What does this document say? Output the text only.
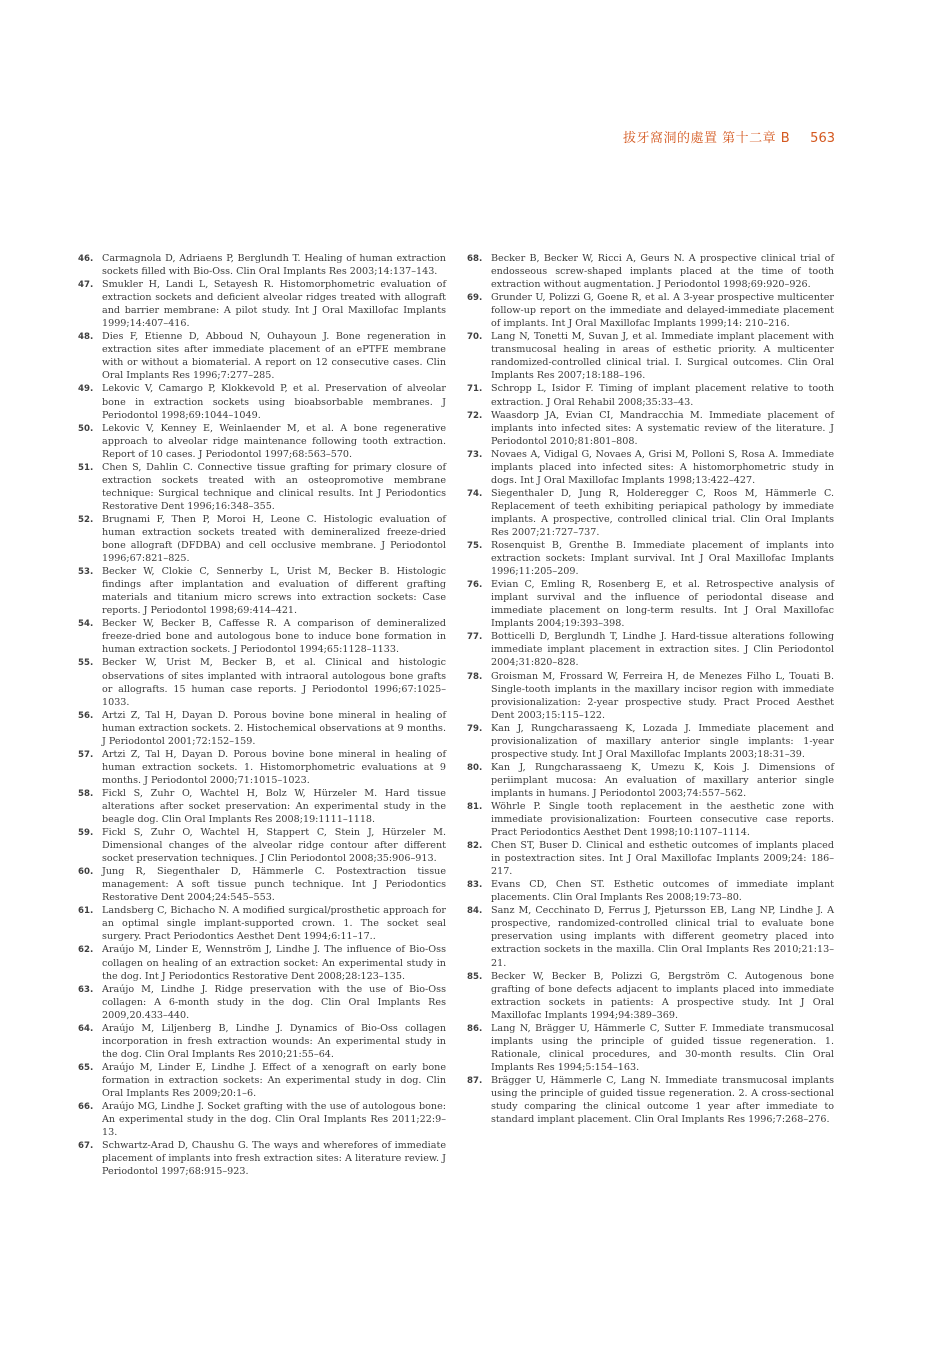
拔牙窩洞的處置 第十二章 B 563
46. Carmagnola D, Adriaens P, Berglundh T. Healing of human extraction sockets filled with Bio-Oss. Clin Oral Implants Res 2003;14:137–143.
47. Smukler H, Landi L, Setayesh R. Histomorphometric evaluation of extraction sockets and deficient alveolar ridges treated with allograft and barrier membrane: A pilot study. Int J Oral Maxillofac Implants 1999;14:407–416.
48. Dies F, Etienne D, Abboud N, Ouhayoun J. Bone regeneration in extraction sites after immediate placement of an ePTFE membrane with or without a biomaterial. A report on 12 consecutive cases. Clin Oral Implants Res 1996;7:277–285.
49. Lekovic V, Camargo P, Klokkevold P, et al. Preservation of alveolar bone in extraction sockets using bioabsorbable membranes. J Periodontol 1998;69:1044–1049.
50. Lekovic V, Kenney E, Weinlaender M, et al. A bone regenerative approach to alveolar ridge maintenance following tooth extraction. Report of 10 cases. J Periodontol 1997;68:563–570.
51. Chen S, Dahlin C. Connective tissue grafting for primary closure of extraction sockets treated with an osteopromotive membrane technique: Surgical technique and clinical results. Int J Periodontics Restorative Dent 1996;16:348–355.
52. Brugnami F, Then P, Moroi H, Leone C. Histologic evaluation of human extraction sockets treated with demineralized freeze-dried bone allograft (DFDBA) and cell occlusive membrane. J Periodontol 1996;67:821–825.
53. Becker W, Clokie C, Sennerby L, Urist M, Becker B. Histologic findings after implantation and evaluation of different grafting materials and titanium micro screws into extraction sockets: Case reports. J Periodontol 1998;69:414–421.
54. Becker W, Becker B, Caffesse R. A comparison of demineralized freeze-dried bone and autologous bone to induce bone formation in human extraction sockets. J Periodontol 1994;65:1128–1133.
55. Becker W, Urist M, Becker B, et al. Clinical and histologic observations of sites implanted with intraoral autologous bone grafts or allografts. 15 human case reports. J Periodontol 1996;67:1025–1033.
56. Artzi Z, Tal H, Dayan D. Porous bovine bone mineral in healing of human extraction sockets. 2. Histochemical observations at 9 months. J Periodontol 2001;72:152–159.
57. Artzi Z, Tal H, Dayan D. Porous bovine bone mineral in healing of human extraction sockets. 1. Histomorphometric evaluations at 9 months. J Periodontol 2000;71:1015–1023.
58. Fickl S, Zuhr O, Wachtel H, Bolz W, Hürzeler M. Hard tissue alterations after socket preservation: An experimental study in the beagle dog. Clin Oral Implants Res 2008;19:1111–1118.
59. Fickl S, Zuhr O, Wachtel H, Stappert C, Stein J, Hürzeler M. Dimensional changes of the alveolar ridge contour after different socket preservation techniques. J Clin Periodontol 2008;35:906–913.
60. Jung R, Siegenthaler D, Hämmerle C. Postextraction tissue management: A soft tissue punch technique. Int J Periodontics Restorative Dent 2004;24:545–553.
61. Landsberg C, Bichacho N. A modified surgical/prosthetic approach for an optimal single implant-supported crown. 1. The socket seal surgery. Pract Periodontics Aesthet Dent 1994;6:11–17..
62. Araújo M, Linder E, Wennström J, Lindhe J. The influence of Bio-Oss collagen on healing of an extraction socket: An experimental study in the dog. Int J Periodontics Restorative Dent 2008;28:123–135.
63. Araújo M, Lindhe J. Ridge preservation with the use of Bio-Oss collagen: A 6-month study in the dog. Clin Oral Implants Res 2009,20.433–440.
64. Araújo M, Liljenberg B, Lindhe J. Dynamics of Bio-Oss collagen incorporation in fresh extraction wounds: An experimental study in the dog. Clin Oral Implants Res 2010;21:55–64.
65. Araújo M, Linder E, Lindhe J. Effect of a xenograft on early bone formation in extraction sockets: An experimental study in dog. Clin Oral Implants Res 2009;20:1–6.
66. Araújo MG, Lindhe J. Socket grafting with the use of autologous bone: An experimental study in the dog. Clin Oral Implants Res 2011;22:9–13.
67. Schwartz-Arad D, Chaushu G. The ways and wherefores of immediate placement of implants into fresh extraction sites: A literature review. J Periodontol 1997;68:915–923.
68. Becker B, Becker W, Ricci A, Geurs N. A prospective clinical trial of endosseous screw-shaped implants placed at the time of tooth extraction without augmentation. J Periodontol 1998;69:920–926.
69. Grunder U, Polizzi G, Goene R, et al. A 3-year prospective multicenter follow-up report on the immediate and delayed-immediate placement of implants. Int J Oral Maxillofac Implants 1999;14: 210–216.
70. Lang N, Tonetti M, Suvan J, et al. Immediate implant placement with transmucosal healing in areas of esthetic priority. A multicenter randomized-controlled clinical trial. I. Surgical outcomes. Clin Oral Implants Res 2007;18:188–196.
71. Schropp L, Isidor F. Timing of implant placement relative to tooth extraction. J Oral Rehabil 2008;35:33–43.
72. Waasdorp JA, Evian CI, Mandracchia M. Immediate placement of implants into infected sites: A systematic review of the literature. J Periodontol 2010;81:801–808.
73. Novaes A, Vidigal G, Novaes A, Grisi M, Polloni S, Rosa A. Immediate implants placed into infected sites: A histomorphometric study in dogs. Int J Oral Maxillofac Implants 1998;13:422–427.
74. Siegenthaler D, Jung R, Holderegger C, Roos M, Hämmerle C. Replacement of teeth exhibiting periapical pathology by immediate implants. A prospective, controlled clinical trial. Clin Oral Implants Res 2007;21:727–737.
75. Rosenquist B, Grenthe B. Immediate placement of implants into extraction sockets: Implant survival. Int J Oral Maxillofac Implants 1996;11:205–209.
76. Evian C, Emling R, Rosenberg E, et al. Retrospective analysis of implant survival and the influence of periodontal disease and immediate placement on long-term results. Int J Oral Maxillofac Implants 2004;19:393–398.
77. Botticelli D, Berglundh T, Lindhe J. Hard-tissue alterations following immediate implant placement in extraction sites. J Clin Periodontol 2004;31:820–828.
78. Groisman M, Frossard W, Ferreira H, de Menezes Filho L, Touati B. Single-tooth implants in the maxillary incisor region with immediate provisionalization: 2-year prospective study. Pract Proced Aesthet Dent 2003;15:115–122.
79. Kan J, Rungcharassaeng K, Lozada J. Immediate placement and provisionalization of maxillary anterior single implants: 1-year prospective study. Int J Oral Maxillofac Implants 2003;18:31–39.
80. Kan J, Rungcharassaeng K, Umezu K, Kois J. Dimensions of periimplant mucosa: An evaluation of maxillary anterior single implants in humans. J Periodontol 2003;74:557–562.
81. Wöhrle P. Single tooth replacement in the aesthetic zone with immediate provisionalization: Fourteen consecutive case reports. Pract Periodontics Aesthet Dent 1998;10:1107–1114.
82. Chen ST, Buser D. Clinical and esthetic outcomes of implants placed in postextraction sites. Int J Oral Maxillofac Implants 2009;24: 186–217.
83. Evans CD, Chen ST. Esthetic outcomes of immediate implant placements. Clin Oral Implants Res 2008;19:73–80.
84. Sanz M, Cecchinato D, Ferrus J, Pjetursson EB, Lang NP, Lindhe J. A prospective, randomized-controlled clinical trial to evaluate bone preservation using implants with different geometry placed into extraction sockets in the maxilla. Clin Oral Implants Res 2010;21:13–21.
85. Becker W, Becker B, Polizzi G, Bergström C. Autogenous bone grafting of bone defects adjacent to implants placed into immediate extraction sockets in patients: A prospective study. Int J Oral Maxillofac Implants 1994;94:389–369.
86. Lang N, Brägger U, Hämmerle C, Sutter F. Immediate transmucosal implants using the principle of guided tissue regeneration. 1. Rationale, clinical procedures, and 30-month results. Clin Oral Implants Res 1994;5:154–163.
87. Brägger U, Hämmerle C, Lang N. Immediate transmucosal implants using the principle of guided tissue regeneration. 2. A cross-sectional study comparing the clinical outcome 1 year after immediate to standard implant placement. Clin Oral Implants Res 1996;7:268–276.
